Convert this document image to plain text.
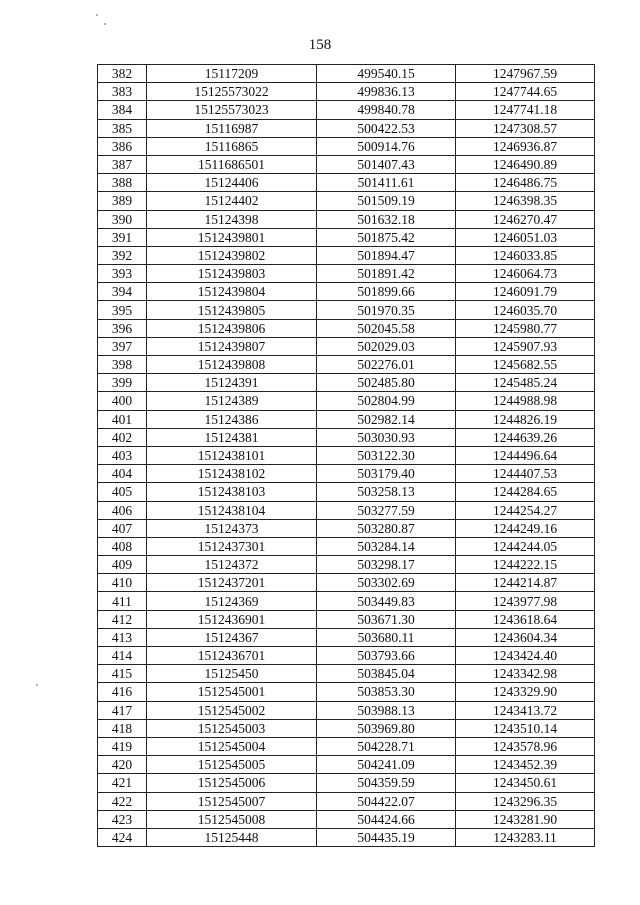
158
382	15117209	499540.15	1247967.59
383	15125573022	499836.13	1247744.65
384	15125573023	499840.78	1247741.18
385	15116987	500422.53	1247308.57
386	15116865	500914.76	1246936.87
387	1511686501	501407.43	1246490.89
388	15124406	501411.61	1246486.75
389	15124402	501509.19	1246398.35
390	15124398	501632.18	1246270.47
391	1512439801	501875.42	1246051.03
392	1512439802	501894.47	1246033.85
393	1512439803	501891.42	1246064.73
394	1512439804	501899.66	1246091.79
395	1512439805	501970.35	1246035.70
396	1512439806	502045.58	1245980.77
397	1512439807	502029.03	1245907.93
398	1512439808	502276.01	1245682.55
399	15124391	502485.80	1245485.24
400	15124389	502804.99	1244988.98
401	15124386	502982.14	1244826.19
402	15124381	503030.93	1244639.26
403	1512438101	503122.30	1244496.64
404	1512438102	503179.40	1244407.53
405	1512438103	503258.13	1244284.65
406	1512438104	503277.59	1244254.27
407	15124373	503280.87	1244249.16
408	1512437301	503284.14	1244244.05
409	15124372	503298.17	1244222.15
410	1512437201	503302.69	1244214.87
411	15124369	503449.83	1243977.98
412	1512436901	503671.30	1243618.64
413	15124367	503680.11	1243604.34
414	1512436701	503793.66	1243424.40
415	15125450	503845.04	1243342.98
416	1512545001	503853.30	1243329.90
417	1512545002	503988.13	1243413.72
418	1512545003	503969.80	1243510.14
419	1512545004	504228.71	1243578.96
420	1512545005	504241.09	1243452.39
421	1512545006	504359.59	1243450.61
422	1512545007	504422.07	1243296.35
423	1512545008	504424.66	1243281.90
424	15125448	504435.19	1243283.11
